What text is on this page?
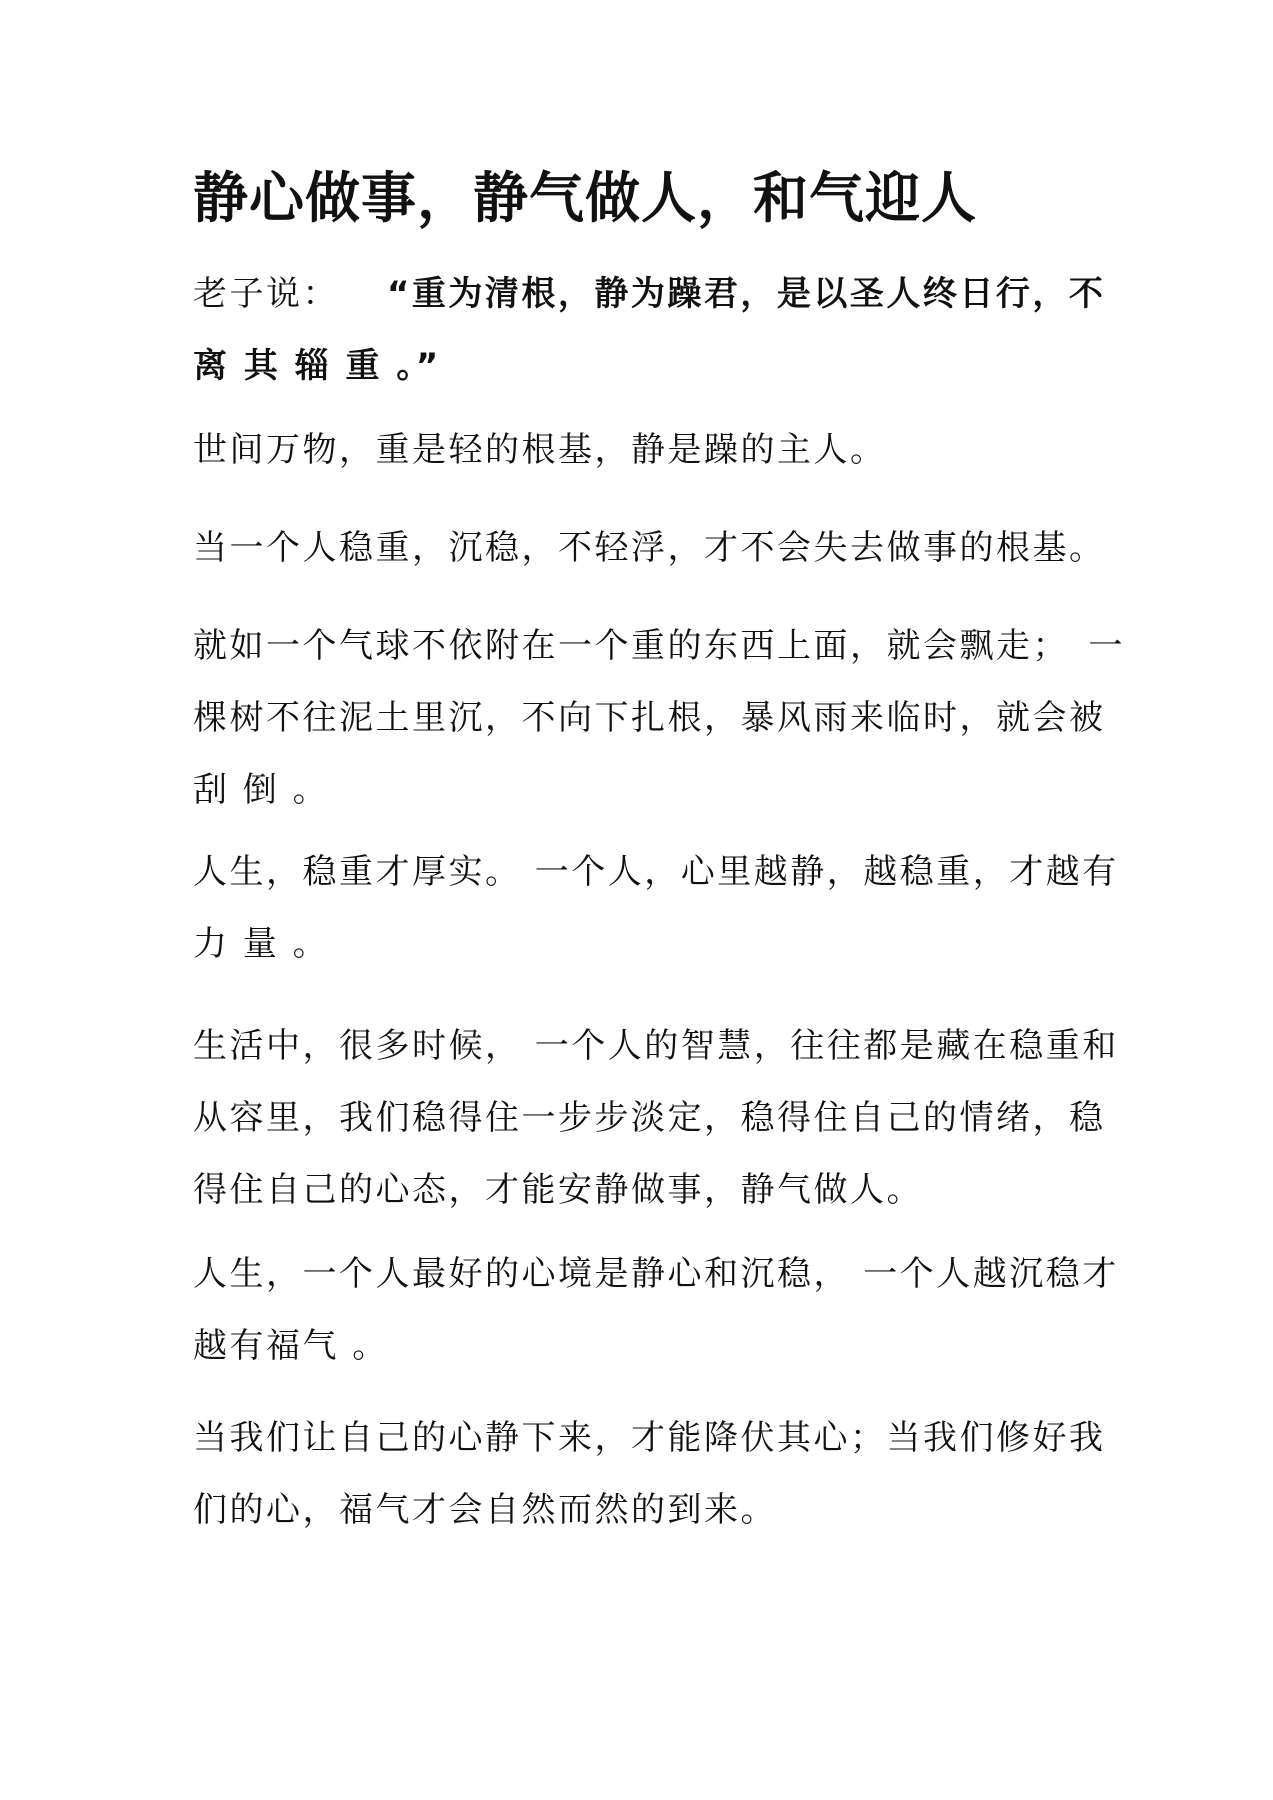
静心做事，静气做人，和气迎人
老子说： “重为清根，静为躁君，是以圣人终日行，不
离 其 辎 重 。”

世间万物，重是轻的根基，静是躁的主人。

当一个人稳重，沉稳，不轻浮，才不会失去做事的根基。

就如一个气球不依附在一个重的东西上面，就会飘走；　一
棵树不往泥土里沉，不向下扎根，暴风雨来临时，就会被
刮 倒 。

人生，稳重才厚实。 一个人，心里越静，越稳重，才越有
力 量 。

生活中，很多时候， 一个人的智慧，往往都是藏在稳重和
从容里，我们稳得住一步步淡定，稳得住自己的情绪，稳
得住自己的心态，才能安静做事，静气做人。

人生，一个人最好的心境是静心和沉稳， 一个人越沉稳才
越有福气 。

当我们让自己的心静下来，才能降伏其心；当我们修好我
们的心，福气才会自然而然的到来。
